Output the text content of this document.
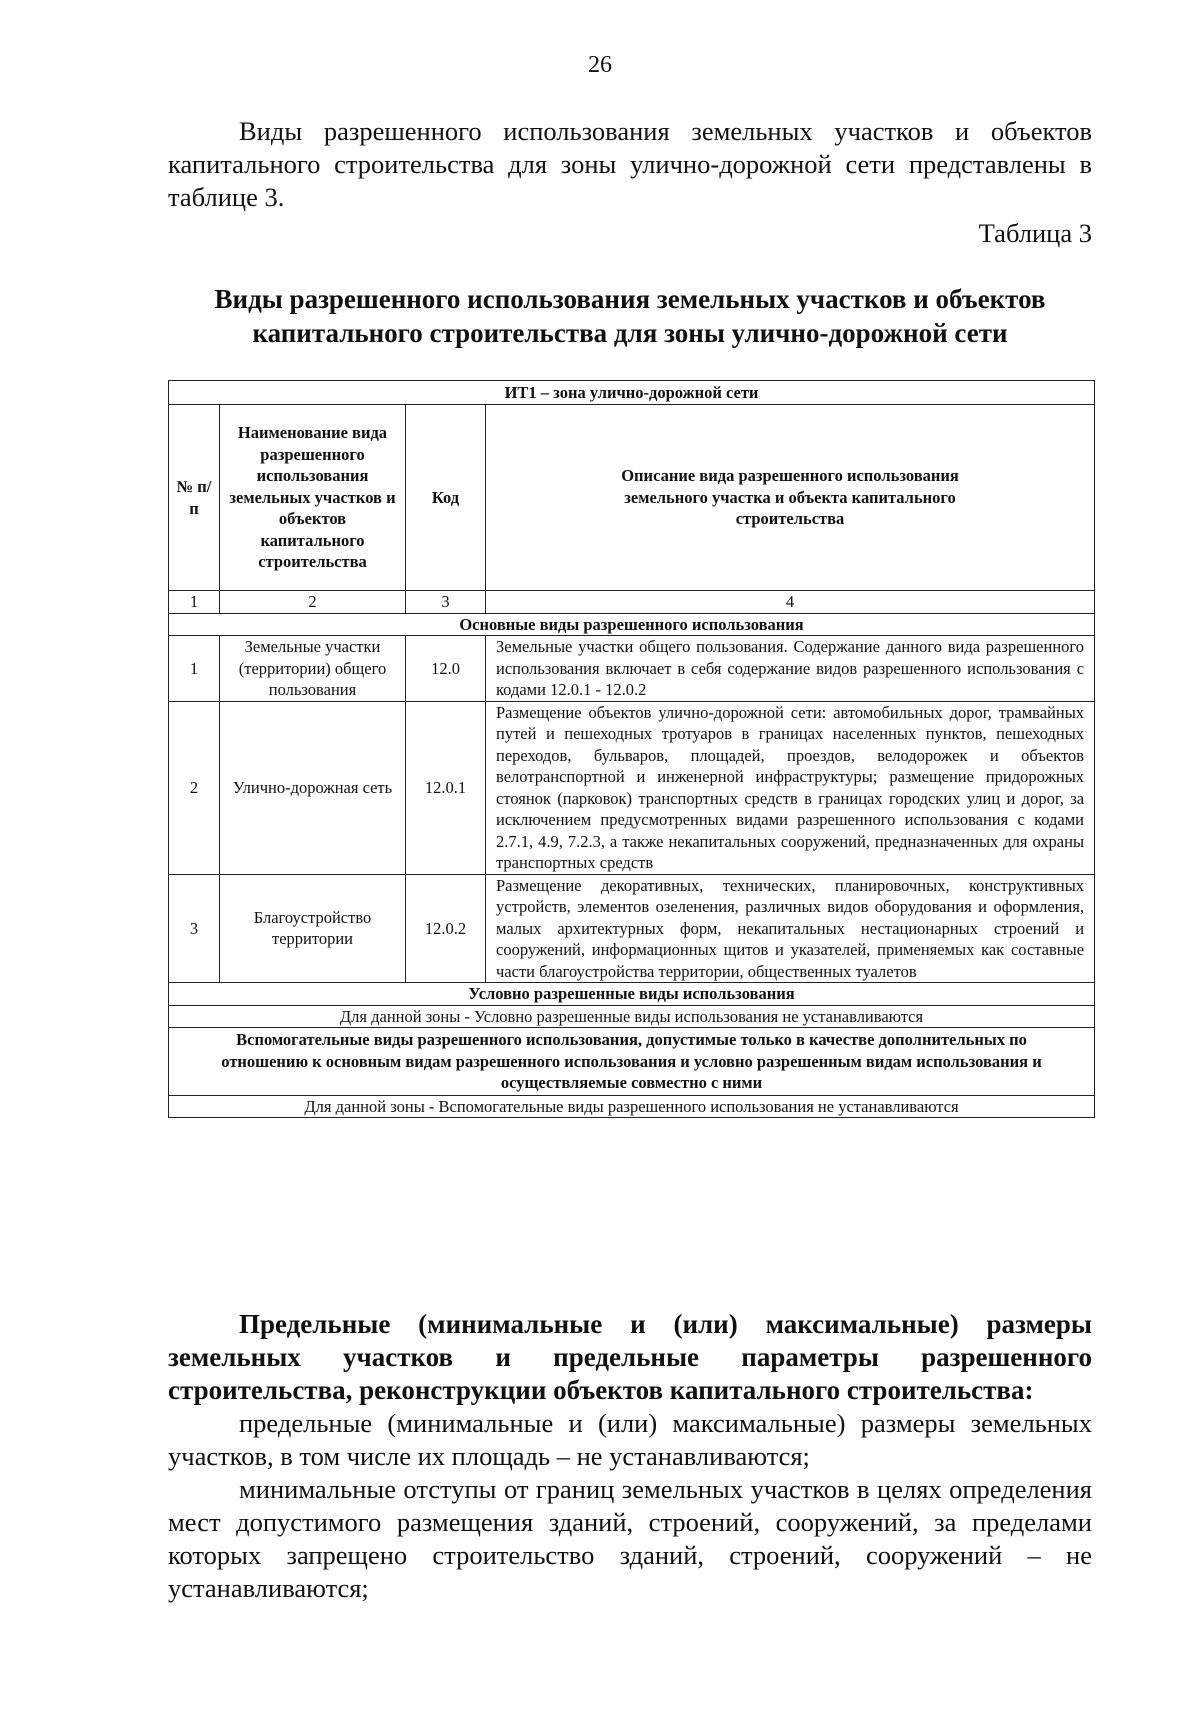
26

Виды разрешенного использования земельных участков и объектов капитального строительства для зоны улично-дорожной сети представлены в таблице 3.

Таблица 3
Виды разрешенного использования земельных участков и объектов капитального строительства для зоны улично-дорожной сети
ИТ1 – зона улично-дорожной сети			
№ п/п	Наименование вида разрешенного использования земельных участков и объектов капитального строительства	Код	Описание вида разрешенного использования земельного участка и объекта капитального строительства
1	2	3	4
Основные виды разрешенного использования			
1	Земельные участки (территории) общего пользования	12.0	Земельные участки общего пользования. Содержание данного вида разрешенного использования включает в себя содержание видов разрешенного использования с кодами 12.0.1 - 12.0.2
2	Улично-дорожная сеть	12.0.1	Размещение объектов улично-дорожной сети: автомобильных дорог, трамвайных путей и пешеходных тротуаров в границах населенных пунктов, пешеходных переходов, бульваров, площадей, проездов, велодорожек и объектов велотранспортной и инженерной инфраструктуры; размещение придорожных стоянок (парковок) транспортных средств в границах городских улиц и дорог, за исключением предусмотренных видами разрешенного использования с кодами 2.7.1, 4.9, 7.2.3, а также некапитальных сооружений, предназначенных для охраны транспортных средств
3	Благоустройство территории	12.0.2	Размещение декоративных, технических, планировочных, конструктивных устройств, элементов озеленения, различных видов оборудования и оформления, малых архитектурных форм, некапитальных нестационарных строений и сооружений, информационных щитов и указателей, применяемых как составные части благоустройства территории, общественных туалетов
Условно разрешенные виды использования			
Для данной зоны - Условно разрешенные виды использования не устанавливаются			
Вспомогательные виды разрешенного использования, допустимые только в качестве дополнительных по отношению к основным видам разрешенного использования и условно разрешенным видам использования и осуществляемые совместно с ними			
Для данной зоны - Вспомогательные виды разрешенного использования не устанавливаются			

Предельные (минимальные и (или) максимальные) размеры земельных участков и предельные параметры разрешенного строительства, реконструкции объектов капитального строительства:

предельные (минимальные и (или) максимальные) размеры земельных участков, в том числе их площадь – не устанавливаются;

минимальные отступы от границ земельных участков в целях определения мест допустимого размещения зданий, строений, сооружений, за пределами которых запрещено строительство зданий, строений, сооружений – не устанавливаются;
